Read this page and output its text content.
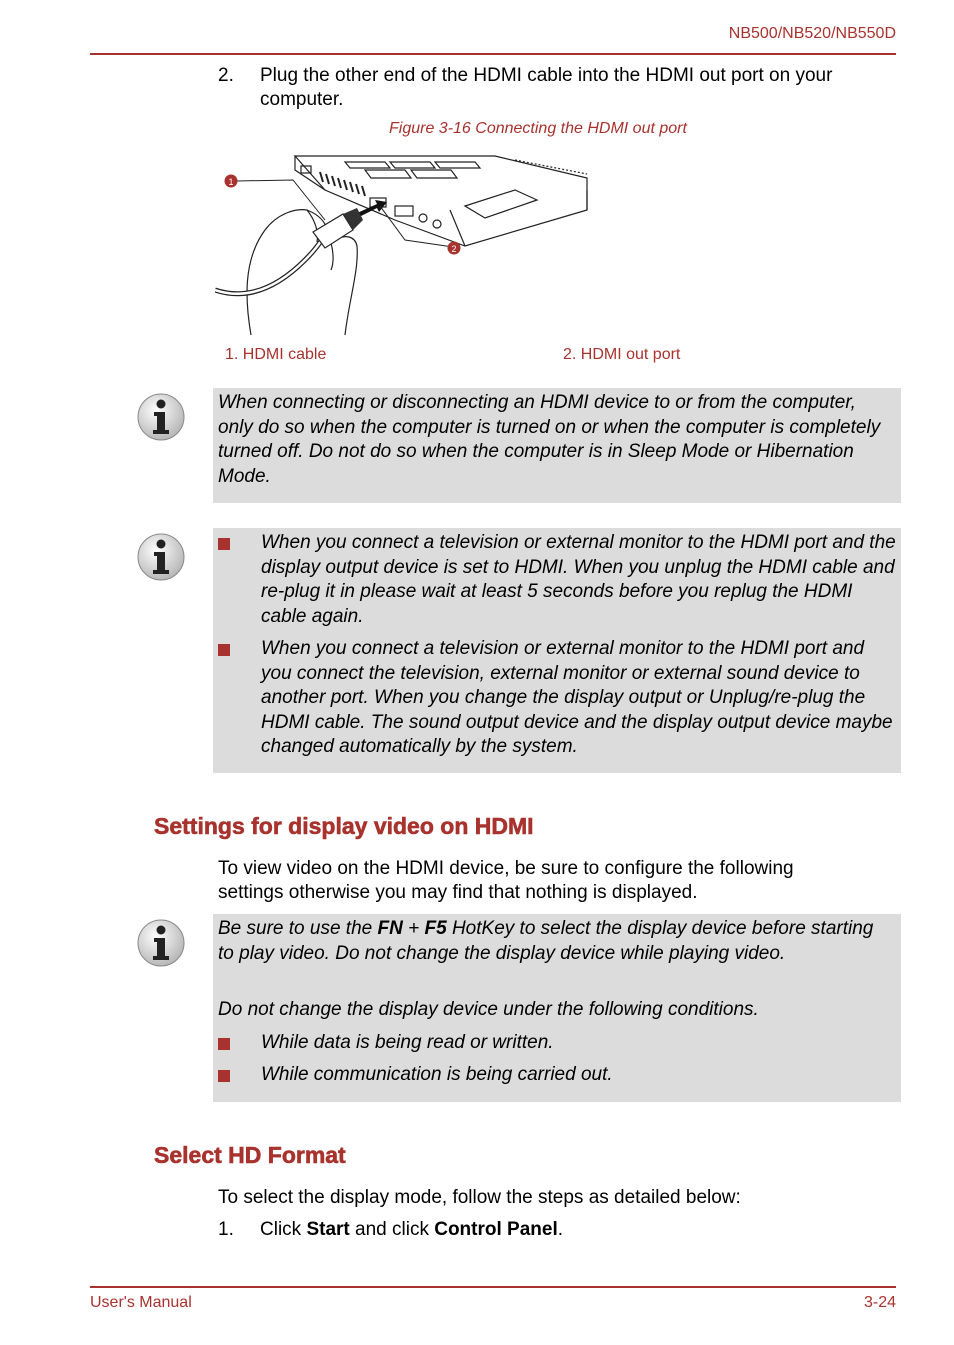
NB500/NB520/NB550D
2. Plug the other end of the HDMI cable into the HDMI out port on your computer.
Figure 3-16 Connecting the HDMI out port
1
2
1. HDMI cable	2. HDMI out port
When connecting or disconnecting an HDMI device to or from the computer, only do so when the computer is turned on or when the computer is completely turned off. Do not do so when the computer is in Sleep Mode or Hibernation Mode.
When you connect a television or external monitor to the HDMI port and the display output device is set to HDMI. When you unplug the HDMI cable and re-plug it in please wait at least 5 seconds before you replug the HDMI cable again.
When you connect a television or external monitor to the HDMI port and you connect the television, external monitor or external sound device to another port. When you change the display output or Unplug/re-plug the HDMI cable. The sound output device and the display output device maybe changed automatically by the system.
Settings for display video on HDMI
To view video on the HDMI device, be sure to configure the following settings otherwise you may find that nothing is displayed.
Be sure to use the FN + F5 HotKey to select the display device before starting to play video. Do not change the display device while playing video.
Do not change the display device under the following conditions.
While data is being read or written.
While communication is being carried out.
Select HD Format
To select the display mode, follow the steps as detailed below:
1. Click Start and click Control Panel.
User's Manual	3-24
